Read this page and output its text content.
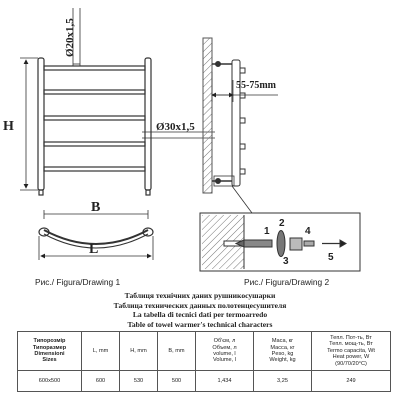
H
Ø20x1,5
Ø30x1,5
B
L
55-75mm
1
2
3
4
5
Рис./ Figura/Drawing 1	Рис./ Figura/Drawing 2
Таблиця технічних даних рушникосушарки
Таблица технических данных полотенцесушителя
La tabella di tecnici dati per termoarredo
Table of towel warmer's technical characters
Типорозмір
Типоразмер
Dimensioni
Sizes	L, mm	H, mm	B, mm	Об'єм, л
Объем, л
volume, l
Volume, l	Маса, кг
Масса, кг
Peso, kg
Weight, kg	Тепл. Пот-ть, Вт
Тепл. мощ-ть, Вт
Termo capacita, Wt
Heat power, W
(90/70/20°C)

600x500	600	530	500	1,434	3,25	249
